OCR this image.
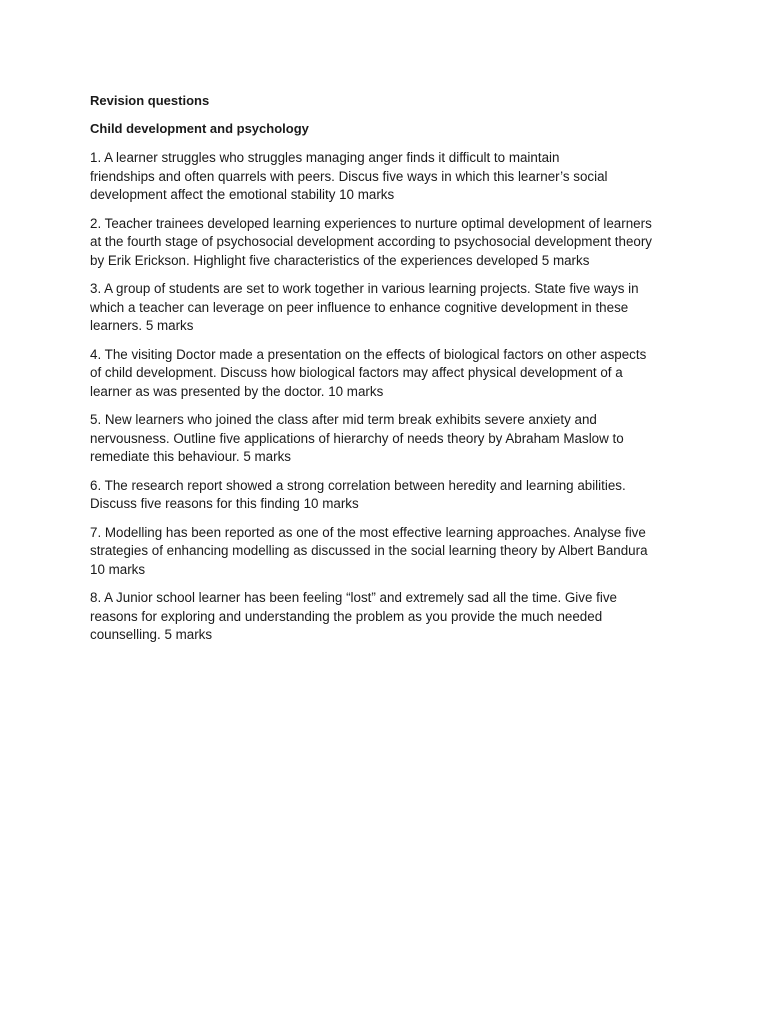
Revision questions

Child development and psychology

1. A learner struggles who struggles managing anger finds it difficult to maintain
friendships and often quarrels with peers. Discus five ways in which this learner’s social
development affect the emotional stability 10 marks

2. Teacher trainees developed learning experiences to nurture optimal development of learners
at the fourth stage of psychosocial development according to psychosocial development theory
by Erik Erickson. Highlight five characteristics of the experiences developed 5 marks

3. A group of students are set to work together in various learning projects. State five ways in
which a teacher can leverage on peer influence to enhance cognitive development in these
learners. 5 marks

4. The visiting Doctor made a presentation on the effects of biological factors on other aspects
of child development. Discuss how biological factors may affect physical development of a
learner as was presented by the doctor. 10 marks

5. New learners who joined the class after mid term break exhibits severe anxiety and
nervousness. Outline five applications of hierarchy of needs theory by Abraham Maslow to
remediate this behaviour. 5 marks

6. The research report showed a strong correlation between heredity and learning abilities.
Discuss five reasons for this finding 10 marks

7. Modelling has been reported as one of the most effective learning approaches. Analyse five
strategies of enhancing modelling as discussed in the social learning theory by Albert Bandura
10 marks

8. A Junior school learner has been feeling “lost” and extremely sad all the time. Give five
reasons for exploring and understanding the problem as you provide the much needed
counselling. 5 marks
